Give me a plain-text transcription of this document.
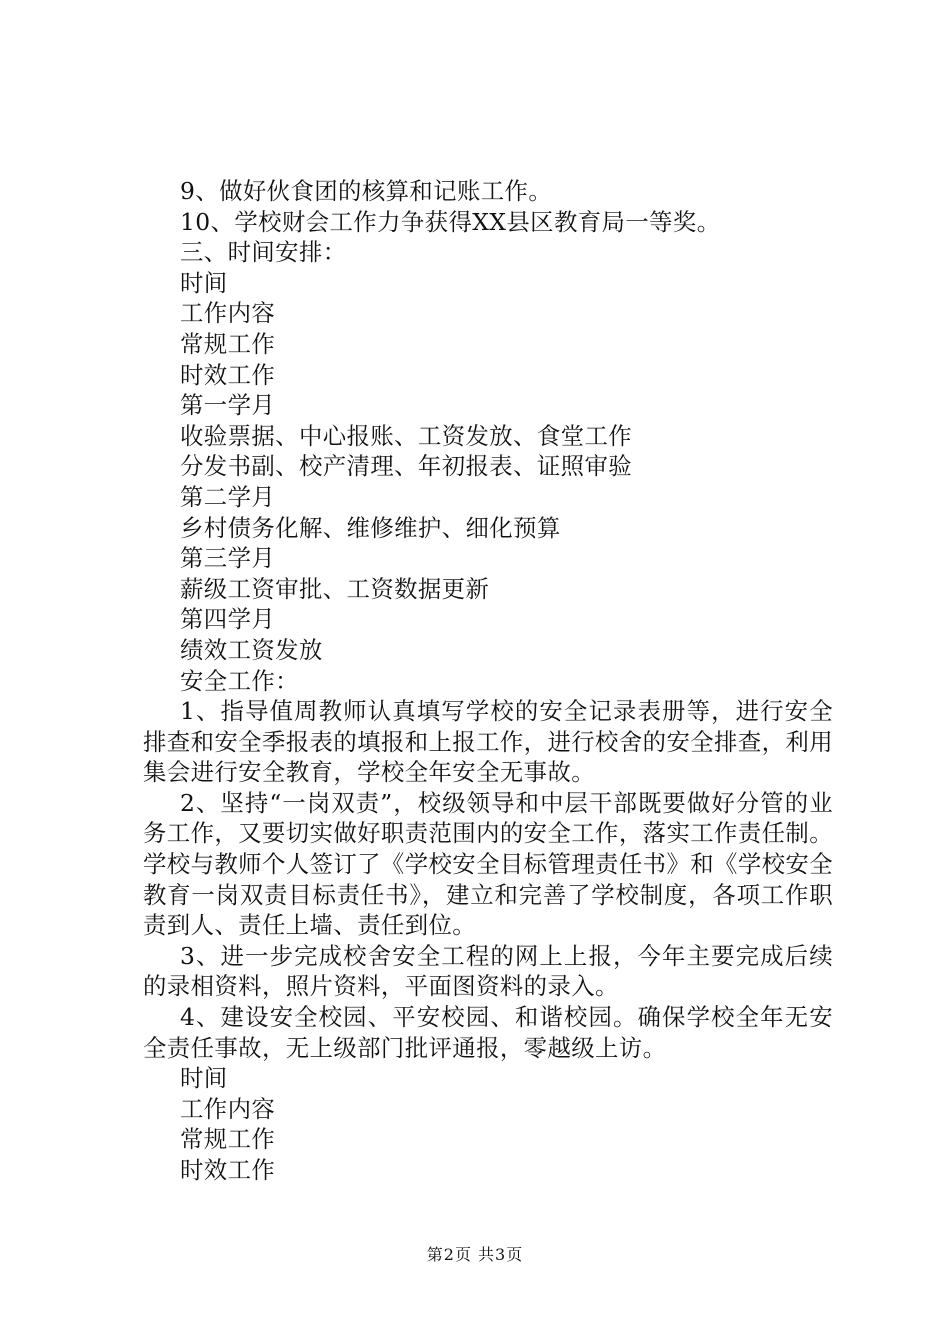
9、做好伙食团的核算和记账工作。
10、学校财会工作力争获得XX县区教育局一等奖。
三、时间安排：
时间
工作内容
常规工作
时效工作
第一学月
收验票据、中心报账、工资发放、食堂工作
分发书副、校产清理、年初报表、证照审验
第二学月
乡村债务化解、维修维护、细化预算
第三学月
薪级工资审批、工资数据更新
第四学月
绩效工资发放
安全工作：
1、指导值周教师认真填写学校的安全记录表册等，进行安全排查和安全季报表的填报和上报工作，进行校舍的安全排查，利用集会进行安全教育，学校全年安全无事故。
2、坚持“一岗双责”，校级领导和中层干部既要做好分管的业务工作，又要切实做好职责范围内的安全工作，落实工作责任制。学校与教师个人签订了《学校安全目标管理责任书》和《学校安全教育一岗双责目标责任书》，建立和完善了学校制度，各项工作职责到人、责任上墙、责任到位。
3、进一步完成校舍安全工程的网上上报，今年主要完成后续的录相资料，照片资料，平面图资料的录入。
4、建设安全校园、平安校园、和谐校园。确保学校全年无安全责任事故，无上级部门批评通报，零越级上访。
时间
工作内容
常规工作
时效工作
第2页 共3页
